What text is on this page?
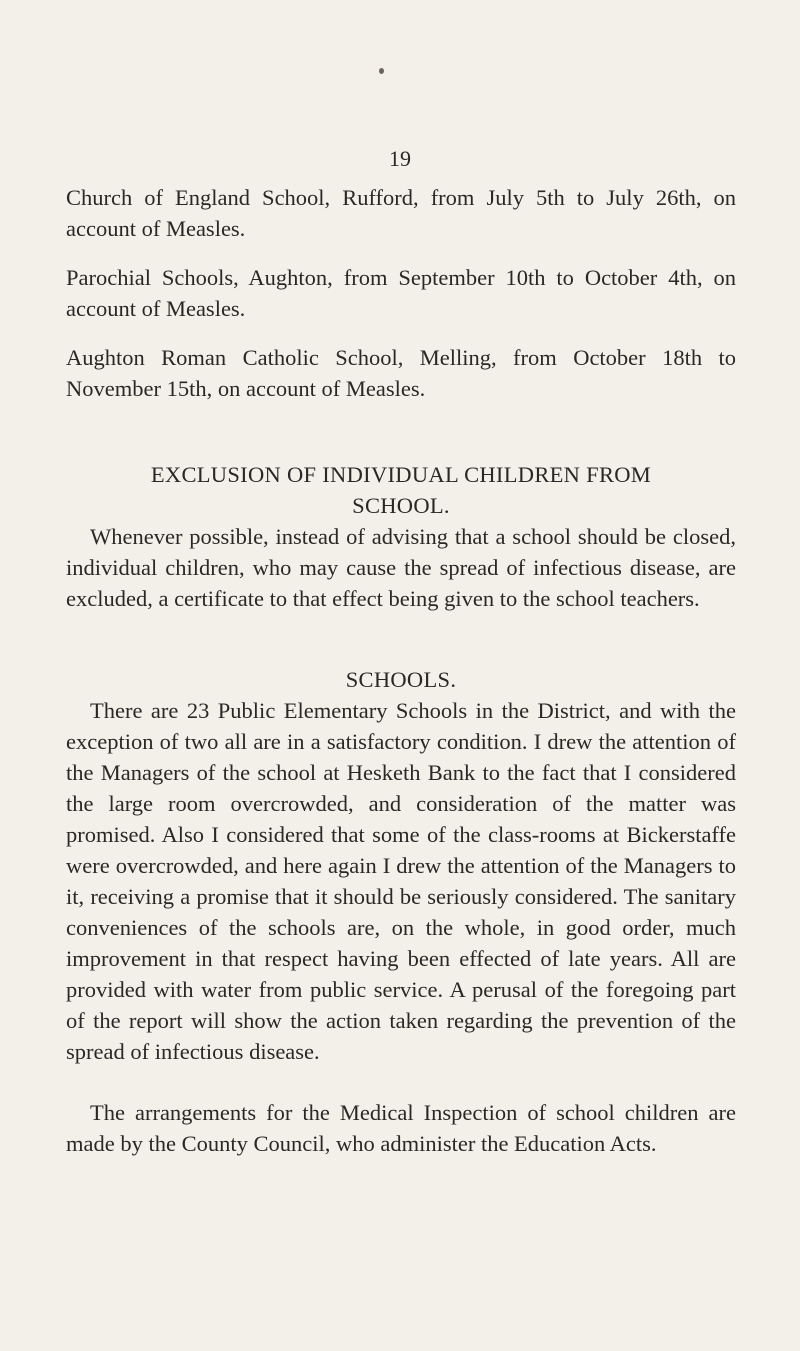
19

Church of England School, Rufford, from July 5th to July 26th, on account of Measles.

Parochial Schools, Aughton, from September 10th to October 4th, on account of Measles.

Aughton Roman Catholic School, Melling, from October 18th to November 15th, on account of Measles.

EXCLUSION OF INDIVIDUAL CHILDREN FROM

SCHOOL.

Whenever possible, instead of advising that a school should be closed, individual children, who may cause the spread of infectious disease, are excluded, a certificate to that effect being given to the school teachers.

SCHOOLS.

There are 23 Public Elementary Schools in the District, and with the exception of two all are in a satisfactory condition. I drew the attention of the Managers of the school at Hesketh Bank to the fact that I considered the large room overcrowded, and consideration of the matter was promised. Also I considered that some of the class-rooms at Bickerstaffe were overcrowded, and here again I drew the attention of the Managers to it, receiving a promise that it should be seriously considered. The sanitary conveniences of the schools are, on the whole, in good order, much improvement in that respect having been effected of late years. All are provided with water from public service. A perusal of the foregoing part of the report will show the action taken regarding the prevention of the spread of infectious disease.

The arrangements for the Medical Inspection of school children are made by the County Council, who administer the Education Acts.
